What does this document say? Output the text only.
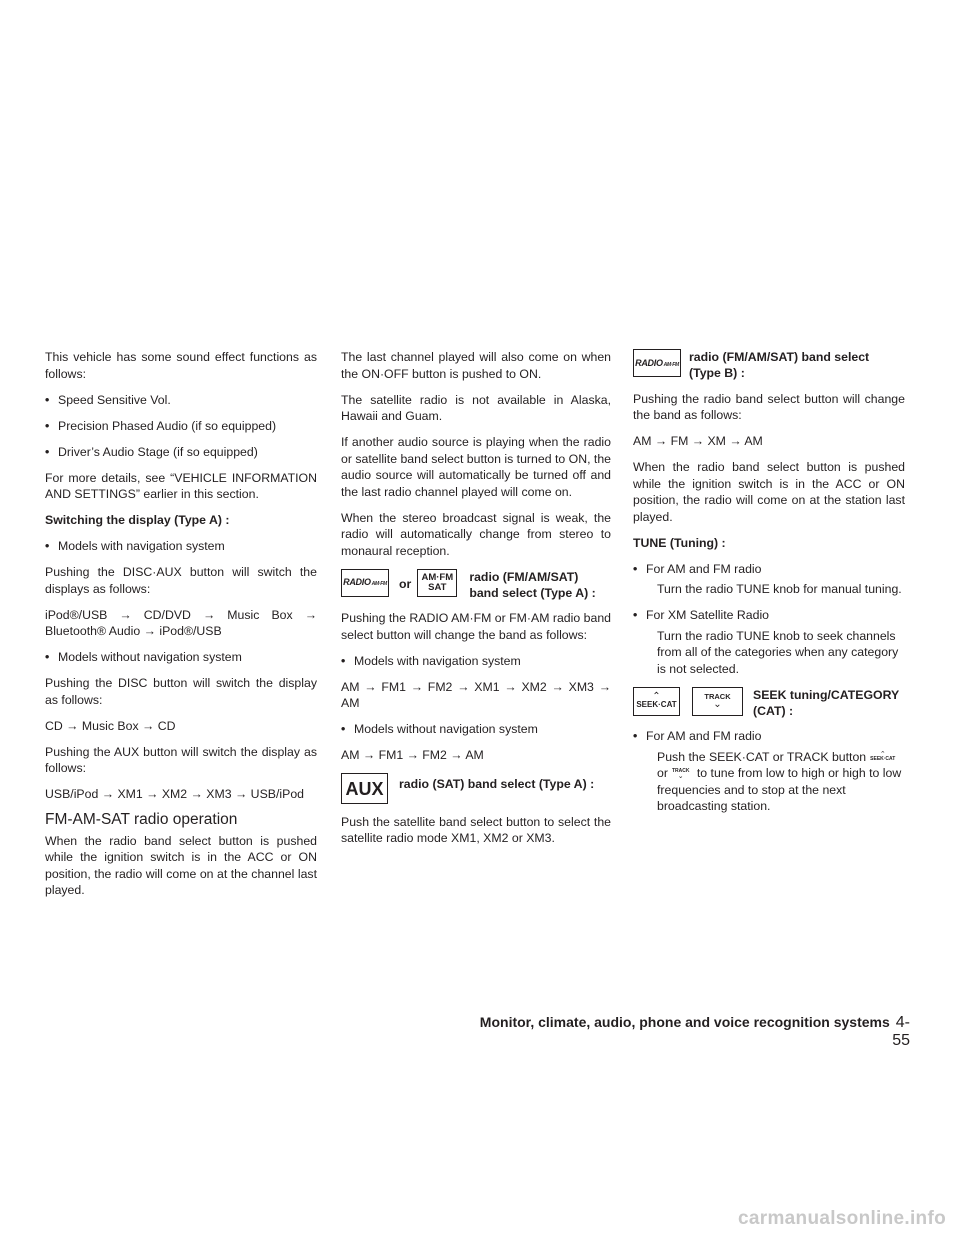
This vehicle has some sound effect functions as follows:

• Speed Sensitive Vol.
• Precision Phased Audio (if so equipped)
• Driver’s Audio Stage (if so equipped)

For more details, see “VEHICLE INFORMATION AND SETTINGS” earlier in this section.

Switching the display (Type A) :

• Models with navigation system

Pushing the DISC·AUX button will switch the displays as follows:

iPod®/USB → CD/DVD → Music Box → Bluetooth® Audio → iPod®/USB

• Models without navigation system

Pushing the DISC button will switch the display as follows:

CD → Music Box → CD

Pushing the AUX button will switch the display as follows:

USB/iPod → XM1 → XM2 → XM3 → USB/iPod

FM-AM-SAT radio operation

When the radio band select button is pushed while the ignition switch is in the ACC or ON position, the radio will come on at the channel last played.

The last channel played will also come on when the ON·OFF button is pushed to ON.

The satellite radio is not available in Alaska, Hawaii and Guam.

If another audio source is playing when the radio or satellite band select button is turned to ON, the audio source will automatically be turned off and the last radio channel played will come on.

When the stereo broadcast signal is weak, the radio will automatically change from stereo to monaural reception.

RADIOAM·FM or AM·FM
SAT
radio (FM/AM/SAT) band select (Type A) :

Pushing the RADIO AM·FM or FM·AM radio band select button will change the band as follows:

• Models with navigation system

AM → FM1 → FM2 → XM1 → XM2 → XM3 → AM

• Models without navigation system

AM → FM1 → FM2 → AM

AUX	radio (SAT) band select (Type A) :

Push the satellite band select button to select the satellite radio mode XM1, XM2 or XM3.

RADIOAM·FM
radio (FM/AM/SAT) band select (Type B) :

Pushing the radio band select button will change the band as follows:

AM → FM → XM → AM

When the radio band select button is pushed while the ignition switch is in the ACC or ON position, the radio will come on at the station last played.

TUNE (Tuning) :

• For AM and FM radio

Turn the radio TUNE knob for manual tuning.

• For XM Satellite Radio

Turn the radio TUNE knob to seek channels from all of the categories when any category is not selected.

⌃
SEEK·CAT
TRACK
⌄
SEEK tuning/CATEGORY (CAT) :
• For AM and FM radio

Push the SEEK·CAT or TRACK button ⌃
SEEK·CAT

or TRACK
⌄ to tune from low to high or high to low frequencies and to stop at the next broadcasting station.

Monitor, climate, audio, phone and voice recognition systems 4-55
carmanualsonline.info
